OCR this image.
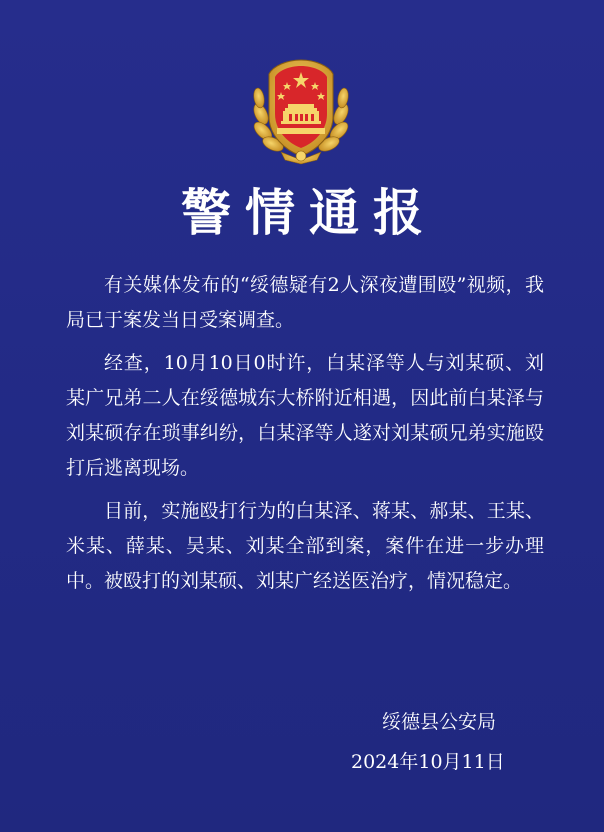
警情通报

有关媒体发布的“绥德疑有2人深夜遭围殴”视频，我局已于案发当日受案调查。

经查，10月10日0时许，白某泽等人与刘某硕、刘某广兄弟二人在绥德城东大桥附近相遇，因此前白某泽与刘某硕存在琐事纠纷，白某泽等人遂对刘某硕兄弟实施殴打后逃离现场。

目前，实施殴打行为的白某泽、蒋某、郝某、王某、米某、薛某、吴某、刘某全部到案，案件在进一步办理中。被殴打的刘某硕、刘某广经送医治疗，情况稳定。

绥德县公安局
2024年10月11日
